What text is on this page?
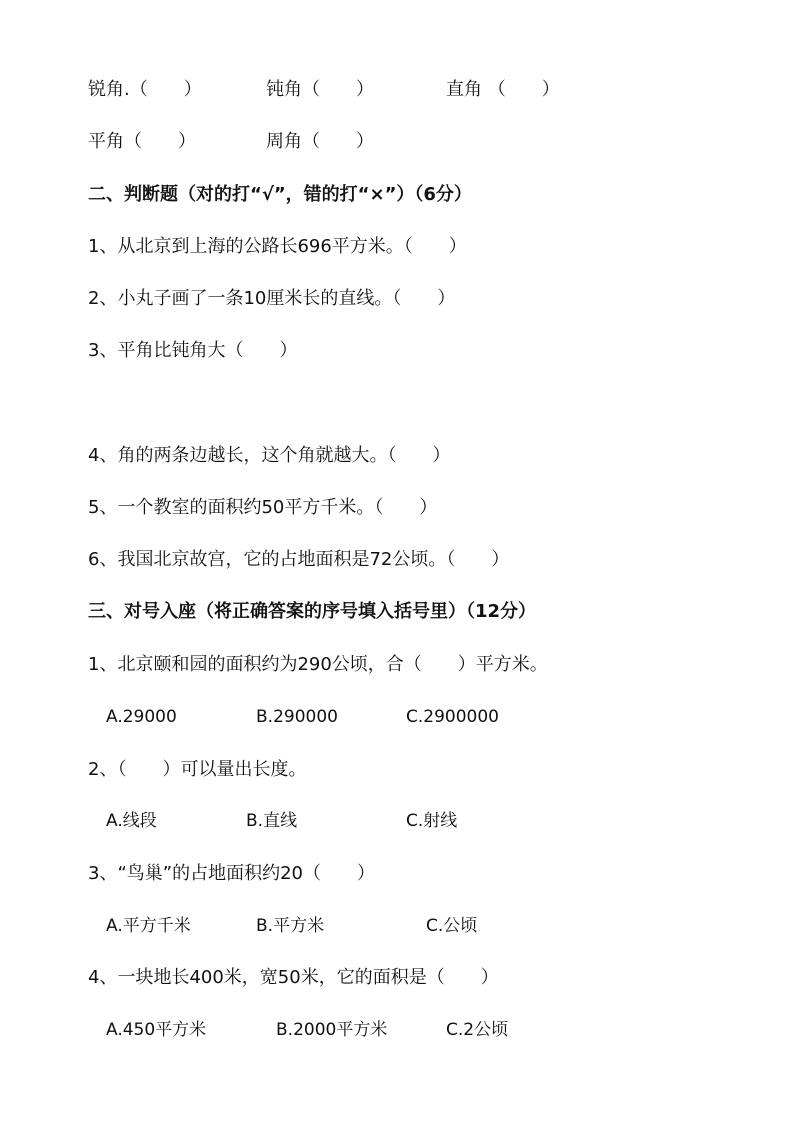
锐角.（　　）	钝角（　　）	直角 （　　）
平角（　　）	周角（　　）
二、判断题（对的打“√”，错的打“×”）（6分）
1、从北京到上海的公路长696平方米。（　　）
2、小丸子画了一条10厘米长的直线。（　　）
3、平角比钝角大（　　）
4、角的两条边越长，这个角就越大。（　　）
5、一个教室的面积约50平方千米。（　　）
6、我国北京故宫，它的占地面积是72公顷。（　　）
三、对号入座（将正确答案的序号填入括号里）（12分）
1、北京颐和园的面积约为290公顷，合（　　）平方米。
A.29000	B.290000	C.2900000
2、（　　）可以量出长度。
A.线段	B.直线	C.射线
3、“鸟巢”的占地面积约20（　　）
A.平方千米	B.平方米	C.公顷
4、一块地长400米，宽50米，它的面积是（　　）
A.450平方米	B.2000平方米	C.2公顷
